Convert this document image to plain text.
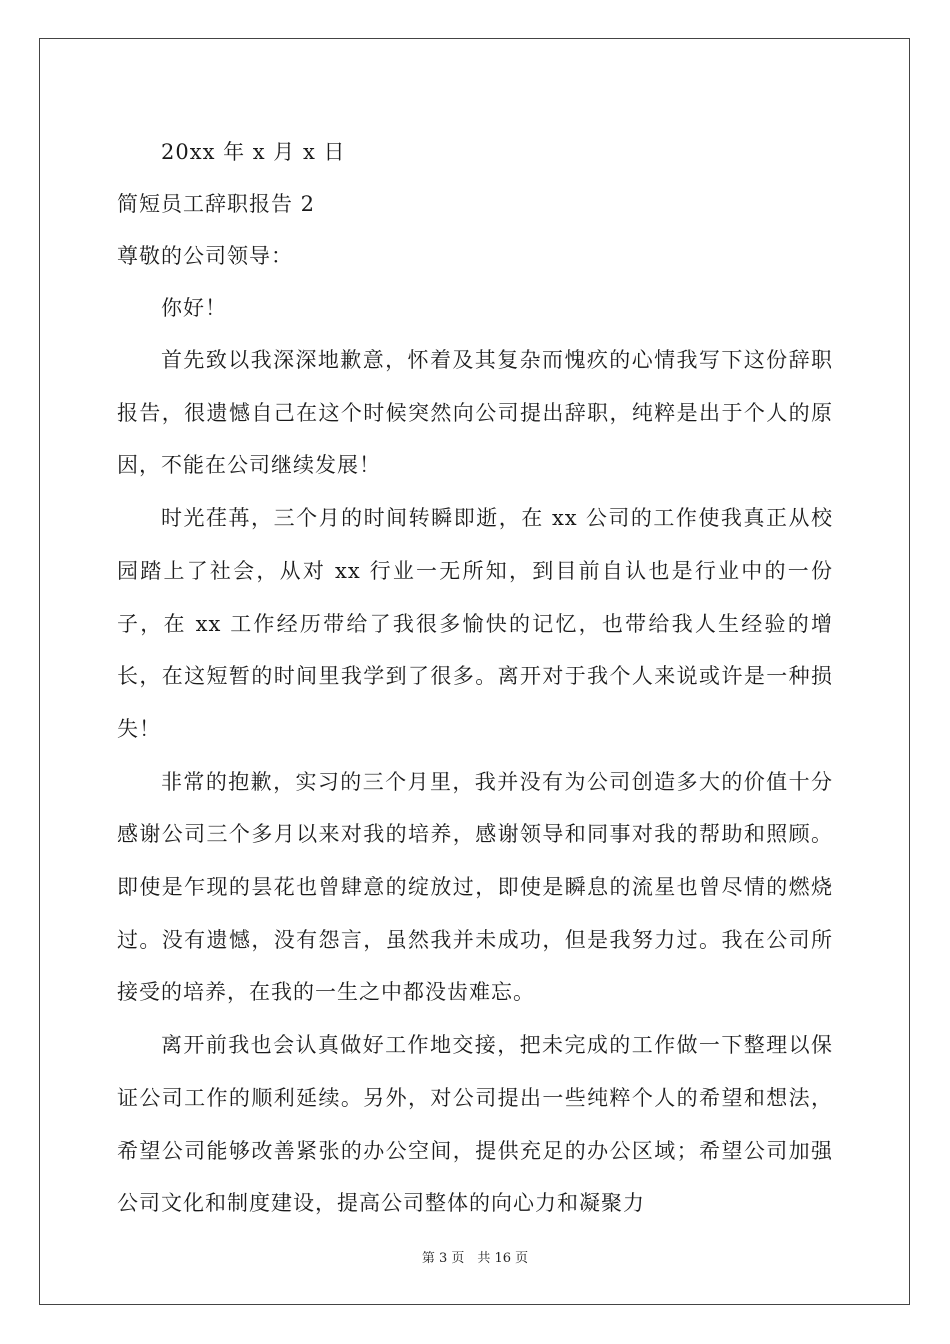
20xx 年 x 月 x 日
简短员工辞职报告 2
尊敬的公司领导：
你好！

首先致以我深深地歉意，怀着及其复杂而愧疚的心情我写下这份辞职报告，很遗憾自己在这个时候突然向公司提出辞职，纯粹是出于个人的原因，不能在公司继续发展！

时光荏苒，三个月的时间转瞬即逝，在 xx 公司的工作使我真正从校园踏上了社会，从对 xx 行业一无所知，到目前自认也是行业中的一份子，在 xx 工作经历带给了我很多愉快的记忆，也带给我人生经验的增长，在这短暂的时间里我学到了很多。离开对于我个人来说或许是一种损失！

非常的抱歉，实习的三个月里，我并没有为公司创造多大的价值十分感谢公司三个多月以来对我的培养，感谢领导和同事对我的帮助和照顾。即使是乍现的昙花也曾肆意的绽放过，即使是瞬息的流星也曾尽情的燃烧过。没有遗憾，没有怨言，虽然我并未成功，但是我努力过。我在公司所接受的培养，在我的一生之中都没齿难忘。

离开前我也会认真做好工作地交接，把未完成的工作做一下整理以保证公司工作的顺利延续。另外，对公司提出一些纯粹个人的希望和想法，希望公司能够改善紧张的办公空间，提供充足的办公区域；希望公司加强公司文化和制度建设，提高公司整体的向心力和凝聚力

第 3 页　共 16 页
